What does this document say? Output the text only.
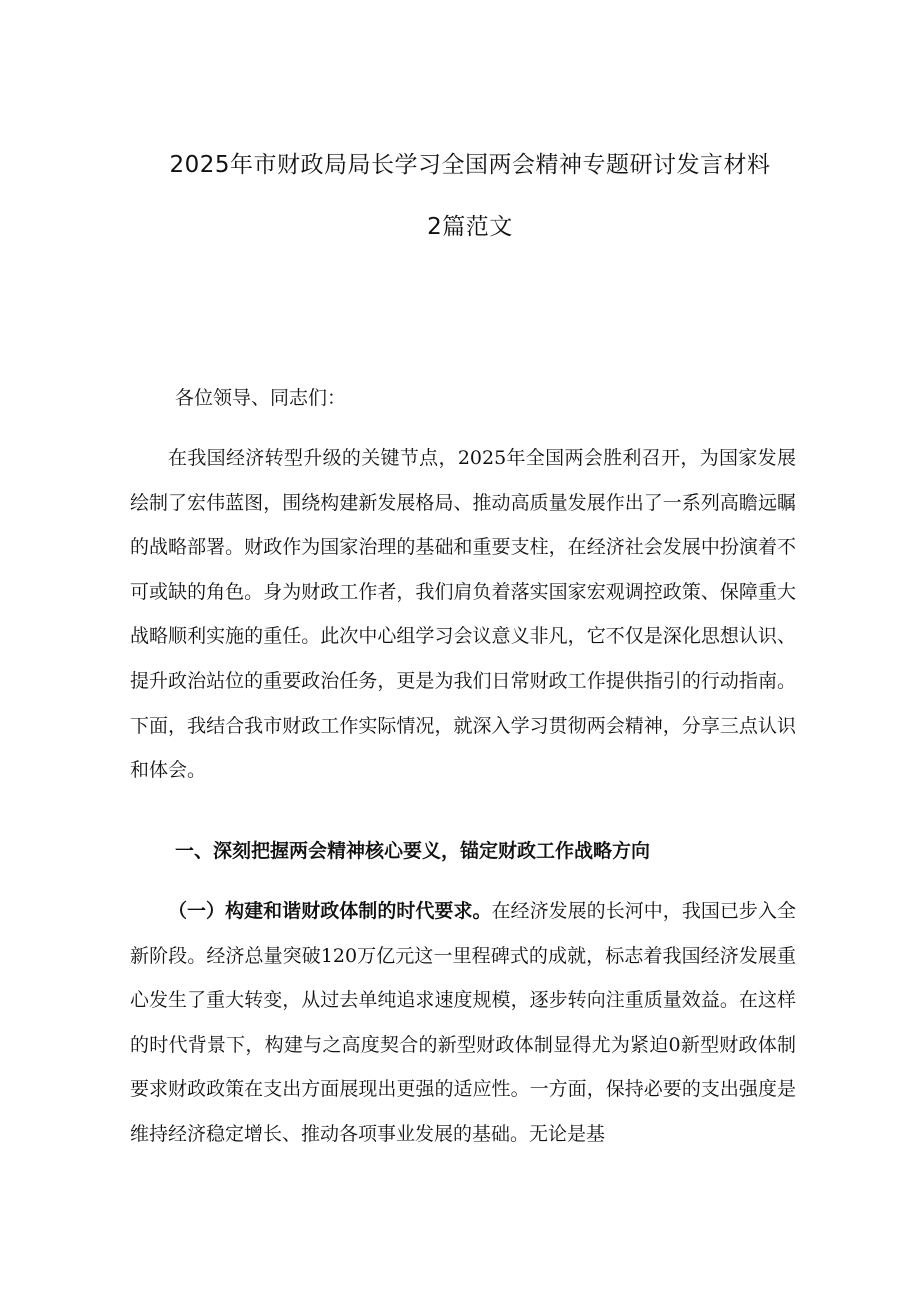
2025年市财政局局长学习全国两会精神专题研讨发言材料
2篇范文

各位领导、同志们：

在我国经济转型升级的关键节点，2025年全国两会胜利召开，为国家发展绘制了宏伟蓝图，围绕构建新发展格局、推动高质量发展作出了一系列高瞻远瞩的战略部署。财政作为国家治理的基础和重要支柱，在经济社会发展中扮演着不可或缺的角色。身为财政工作者，我们肩负着落实国家宏观调控政策、保障重大战略顺利实施的重任。此次中心组学习会议意义非凡，它不仅是深化思想认识、提升政治站位的重要政治任务，更是为我们日常财政工作提供指引的行动指南。下面，我结合我市财政工作实际情况，就深入学习贯彻两会精神，分享三点认识和体会。

一、深刻把握两会精神核心要义，锚定财政工作战略方向

（一）构建和谐财政体制的时代要求。在经济发展的长河中，我国已步入全新阶段。经济总量突破120万亿元这一里程碑式的成就，标志着我国经济发展重心发生了重大转变，从过去单纯追求速度规模，逐步转向注重质量效益。在这样的时代背景下，构建与之高度契合的新型财政体制显得尤为紧迫0新型财政体制要求财政政策在支出方面展现出更强的适应性。一方面，保持必要的支出强度是维持经济稳定增长、推动各项事业发展的基础。无论是基
